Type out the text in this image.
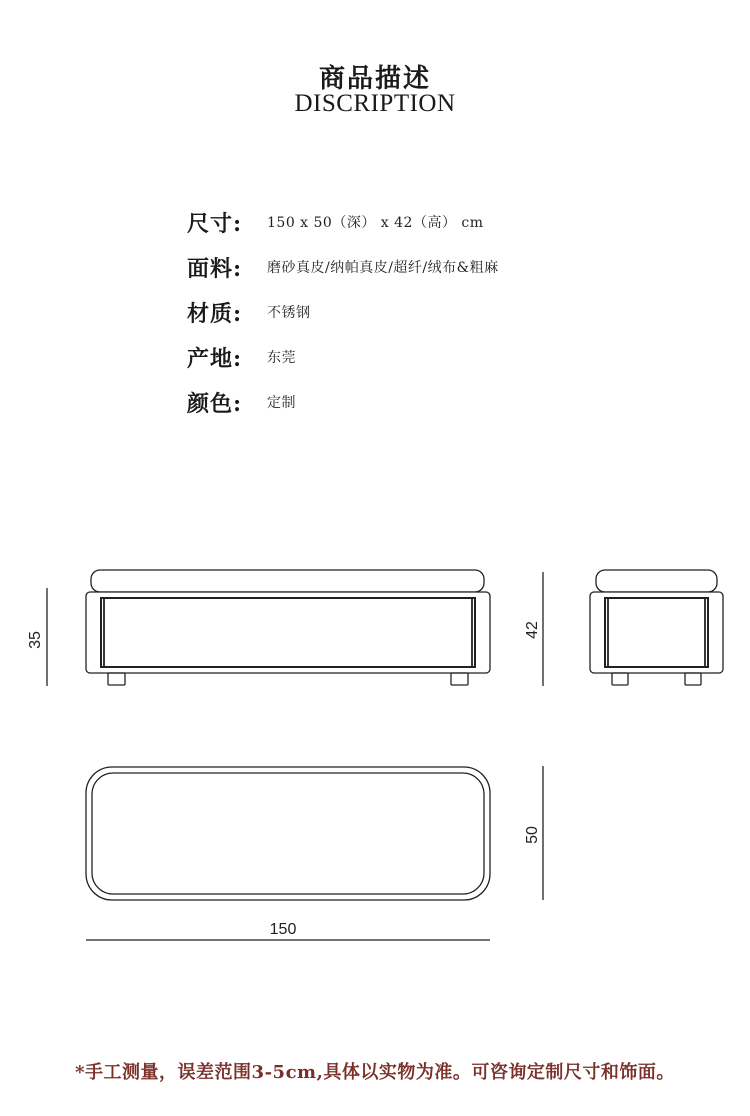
商品描述
DISCRIPTION
尺寸:	150 x 50（深） x 42（高） cm
面料:	磨砂真皮/纳帕真皮/超纤/绒布&粗麻
材质:	不锈钢
产地:	东莞
颜色:	定制
35
42
50
150
*手工测量，误差范围3-5cm,具体以实物为准。可咨询定制尺寸和饰面。
